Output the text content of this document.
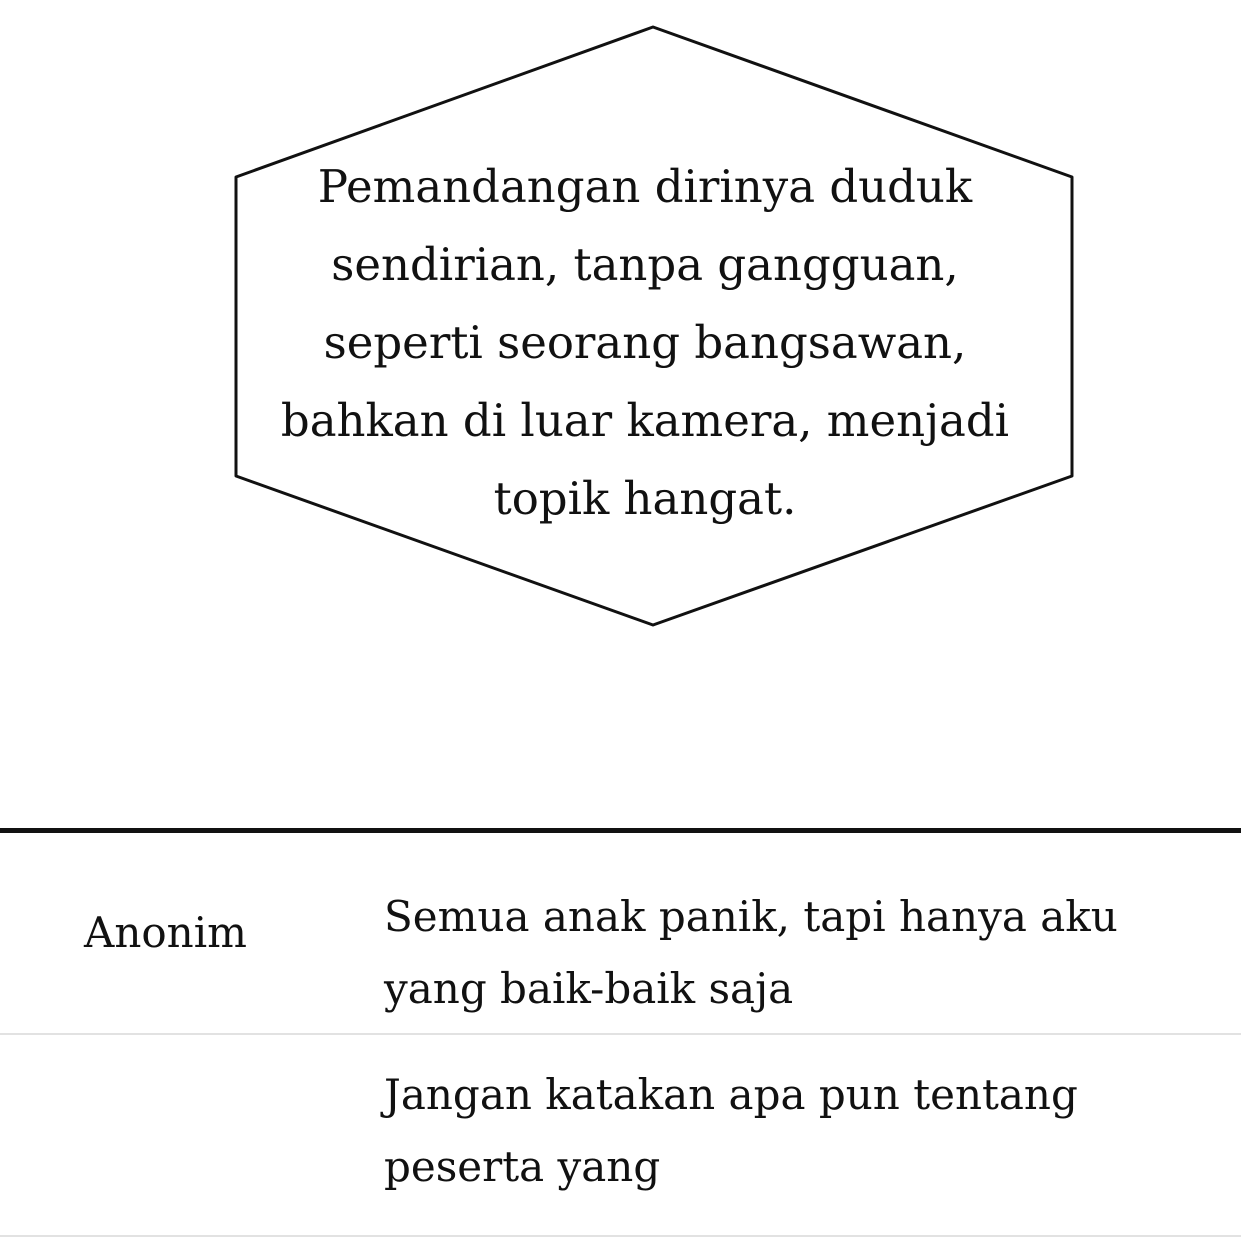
Pemandangan dirinya duduk
sendirian, tanpa gangguan,
seperti seorang bangsawan,
bahkan di luar kamera, menjadi
topik hangat.
Anonim	Semua anak panik, tapi hanya aku yang baik-baik saja
Jangan katakan apa pun tentang peserta yang
